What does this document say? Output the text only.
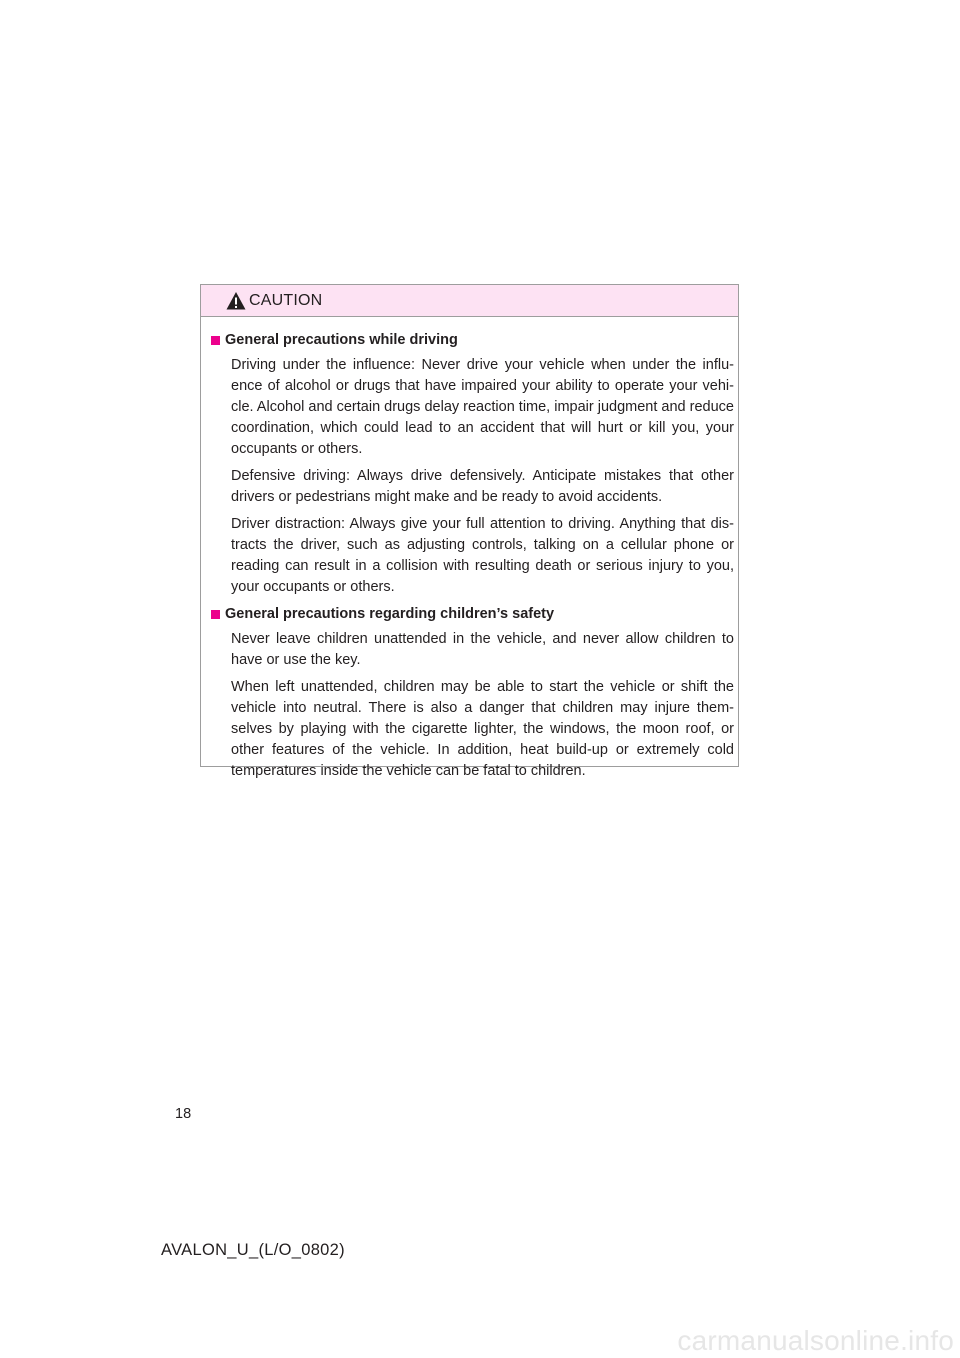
CAUTION
General precautions while driving

Driving under the influence: Never drive your vehicle when under the influ-ence of alcohol or drugs that have impaired your ability to operate your vehi-cle. Alcohol and certain drugs delay reaction time, impair judgment and reduce coordination, which could lead to an accident that will hurt or kill you, your occupants or others.

Defensive driving: Always drive defensively. Anticipate mistakes that other drivers or pedestrians might make and be ready to avoid accidents.

Driver distraction: Always give your full attention to driving. Anything that dis-tracts the driver, such as adjusting controls, talking on a cellular phone or reading can result in a collision with resulting death or serious injury to you, your occupants or others.

General precautions regarding children’s safety

Never leave children unattended in the vehicle, and never allow children to have or use the key.

When left unattended, children may be able to start the vehicle or shift the vehicle into neutral. There is also a danger that children may injure them-selves by playing with the cigarette lighter, the windows, the moon roof, or other features of the vehicle. In addition, heat build-up or extremely cold temperatures inside the vehicle can be fatal to children.

18
AVALON_U_(L/O_0802)
carmanualsonline.info
